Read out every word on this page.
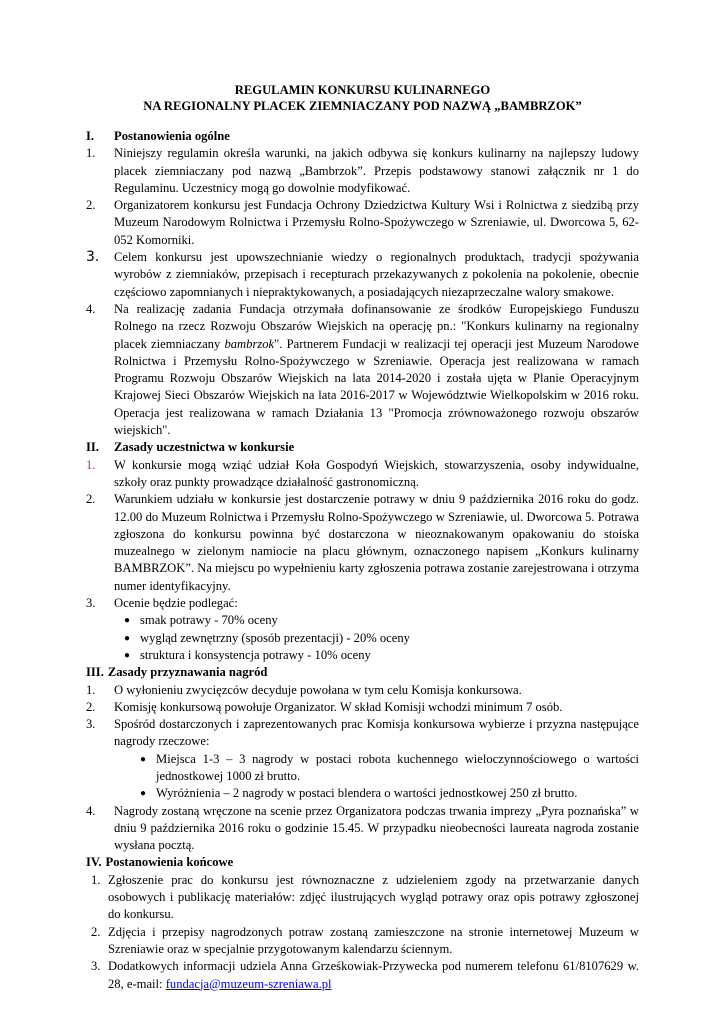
REGULAMIN KONKURSU KULINARNEGO
NA REGIONALNY PLACEK ZIEMNIACZANY POD NAZWĄ „BAMBRZOK”
I.	Postanowienia ogólne
1.	Niniejszy regulamin określa warunki, na jakich odbywa się konkurs kulinarny na najlepszy ludowy placek ziemniaczany pod nazwą „Bambrzok”. Przepis podstawowy stanowi załącznik nr 1 do Regulaminu. Uczestnicy mogą go dowolnie modyfikować.
2.	Organizatorem konkursu jest Fundacja Ochrony Dziedzictwa Kultury Wsi i Rolnictwa z siedzibą przy Muzeum Narodowym Rolnictwa i Przemysłu Rolno-Spożywczego w Szreniawie, ul. Dworcowa 5, 62-052 Komorniki.
3.	Celem konkursu jest upowszechnianie wiedzy o regionalnych produktach, tradycji spożywania wyrobów z ziemniaków, przepisach i recepturach przekazywanych z pokolenia na pokolenie, obecnie częściowo zapomnianych i niepraktykowanych, a posiadających niezaprzeczalne walory smakowe.
4.	Na realizację zadania Fundacja otrzymała dofinansowanie ze środków Europejskiego Funduszu Rolnego na rzecz Rozwoju Obszarów Wiejskich na operację pn.: "Konkurs kulinarny na regionalny placek ziemniaczany bambrzok". Partnerem Fundacji w realizacji tej operacji jest Muzeum Narodowe Rolnictwa i Przemysłu Rolno-Spożywczego w Szreniawie. Operacja jest realizowana w ramach Programu Rozwoju Obszarów Wiejskich na lata 2014-2020 i została ujęta w Planie Operacyjnym Krajowej Sieci Obszarów Wiejskich na lata 2016-2017 w Województwie Wielkopolskim w 2016 roku. Operacja jest realizowana w ramach Działania 13 "Promocja zrównoważonego rozwoju obszarów wiejskich".
II.	Zasady uczestnictwa w konkursie
1.	W konkursie mogą wziąć udział Koła Gospodyń Wiejskich, stowarzyszenia, osoby indywidualne, szkoły oraz punkty prowadzące działalność gastronomiczną.
2.	Warunkiem udziału w konkursie jest dostarczenie potrawy w dniu 9 października 2016 roku do godz. 12.00 do Muzeum Rolnictwa i Przemysłu Rolno-Spożywczego w Szreniawie, ul. Dworcowa 5. Potrawa zgłoszona do konkursu powinna być dostarczona w nieoznakowanym opakowaniu do stoiska muzealnego w zielonym namiocie na placu głównym, oznaczonego napisem „Konkurs kulinarny BAMBRZOK”. Na miejscu po wypełnieniu karty zgłoszenia potrawa zostanie zarejestrowana i otrzyma numer identyfikacyjny.
3.	Ocenie będzie podlegać:
● smak potrawy - 70% oceny
● wygląd zewnętrzny (sposób prezentacji) - 20% oceny
● struktura i konsystencja potrawy - 10% oceny
III. Zasady przyznawania nagród
1.	O wyłonieniu zwycięzców decyduje powołana w tym celu Komisja konkursowa.
2.	Komisję konkursową powołuje Organizator. W skład Komisji wchodzi minimum 7 osób.
3.	Spośród dostarczonych i zaprezentowanych prac Komisja konkursowa wybierze i przyzna następujące nagrody rzeczowe:
● Miejsca 1-3 – 3 nagrody w postaci robota kuchennego wieloczynnościowego o wartości jednostkowej 1000 zł brutto.
● Wyróżnienia – 2 nagrody w postaci blendera o wartości jednostkowej 250 zł brutto.
4.	Nagrody zostaną wręczone na scenie przez Organizatora podczas trwania imprezy „Pyra poznańska” w dniu 9 października 2016 roku o godzinie 15.45. W przypadku nieobecności laureata nagroda zostanie wysłana pocztą.
IV. Postanowienia końcowe
1. Zgłoszenie prac do konkursu jest równoznaczne z udzieleniem zgody na przetwarzanie danych osobowych i publikację materiałów: zdjęć ilustrujących wygląd potrawy oraz opis potrawy zgłoszonej do konkursu.
2. Zdjęcia i przepisy nagrodzonych potraw zostaną zamieszczone na stronie internetowej Muzeum w Szreniawie oraz w specjalnie przygotowanym kalendarzu ściennym.
3. Dodatkowych informacji udziela Anna Grześkowiak-Przywecka pod numerem telefonu 61/8107629 w. 28, e-mail: fundacja@muzeum-szreniawa.pl
